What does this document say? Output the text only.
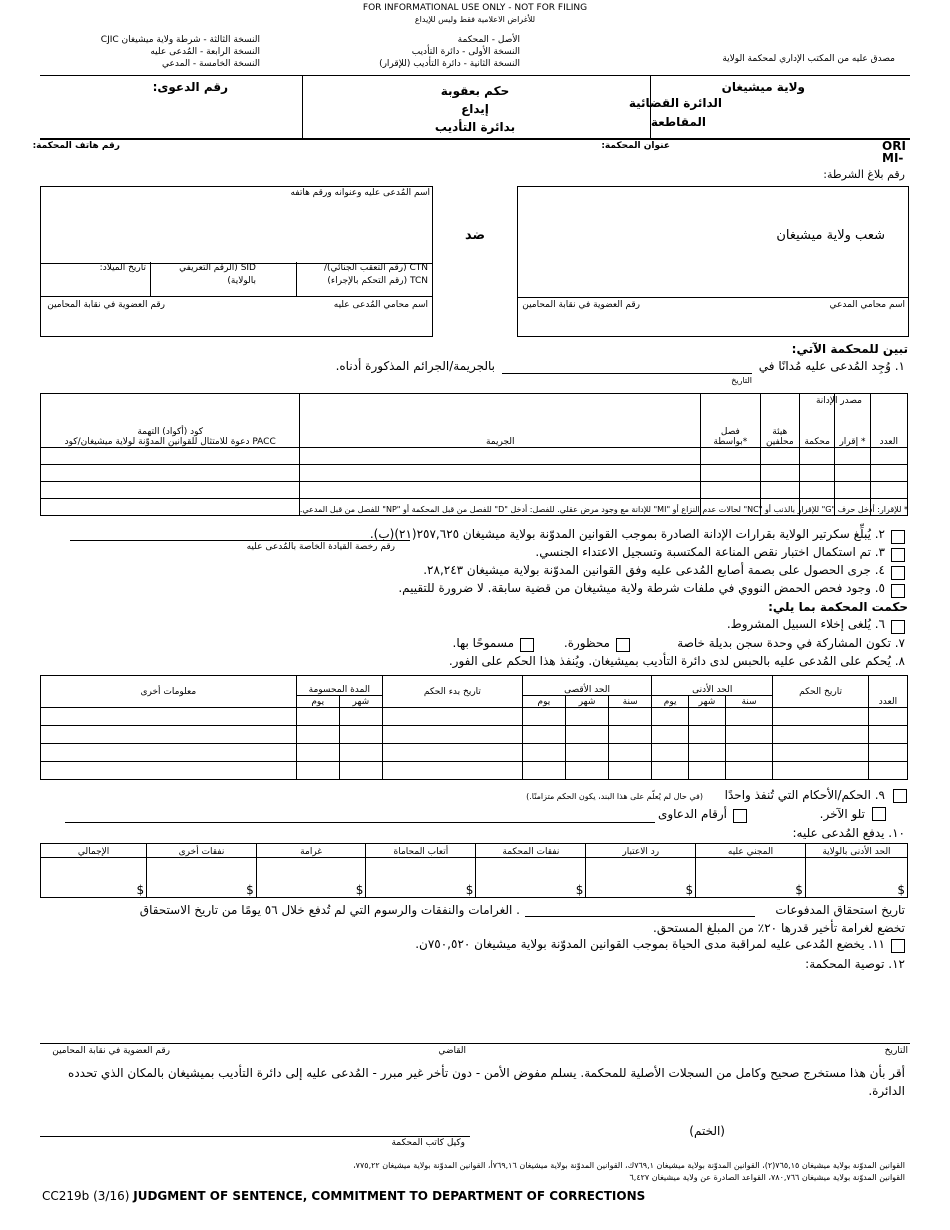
FOR INFORMATIONAL USE ONLY - NOT FOR FILING
للأغراض الاعلامية فقط وليس للإيداع
مصدق عليه من المكتب الإداري لمحكمة الولاية
الأصل - المحكمة
النسخة الأولى - دائرة التأديب
النسخة الثانية - دائرة التأديب (للإقرار)
النسخة الثالثة - شرطة ولاية ميشيغان CJIC
النسخة الرابعة - المُدعى عليه
النسخة الخامسة - المدعي
ولاية ميشيغان
الدائرة القضائية
المقاطعة
حكم بعقوبة
إيداع
بدائرة التأديب
رقم الدعوى:
ORI
MI-
عنوان المحكمة:
رقم هاتف المحكمة:
رقم بلاغ الشرطة:
شعب ولاية ميشيغان
اسم محامي المدعي
رقم العضوية في نقابة المحامين
ضد
اسم المُدعى عليه وعنوانه ورقم هاتفه
CTN (رقم التعقب الجنائي)/
TCN (رقم التحكم بالإجراء)
SID (الرقم التعريفي
بالولاية)
تاريخ الميلاد:
اسم محامي المُدعى عليه
رقم العضوية في نقابة المحامين
تبين للمحكمة الآتي:
١. وُجِد المُدعى عليه مُدانًا في
بالجريمة/الجرائم المذكورة أدناه.
التاريخ
كود (أكواد) التهمة
دعوة للامتثال للقوانين المدوّنة لولاية ميشيغان/كود PACC	الجريمة	فصل بواسطة*	هيئة محلفين	محكمة	إقرار *	العدد

مصدر الإدانة
* للإقرار: أدخل حرف "G" للإقرار بالذنب أو "NC" لحالات عدم النزاع أو "MI" للإدانة مع وجود مرض عقلي. للفصل: أدخل "D" للفصل من قبل المحكمة أو "NP" للفصل من قبل المدعي.
٢. يُبلِّغ سكرتير الولاية بقرارات الإدانة الصادرة بموجب القوانين المدوّنة بولاية ميشيغان ٢٥٧,٦٢٥(٢١)(ب).
رقم رخصة القيادة الخاصة بالمُدعى عليه	٣. تم استكمال اختبار نقص المناعة المكتسبة وتسجيل الاعتداء الجنسي.
٤. جرى الحصول على بصمة أصابع المُدعى عليه وفق القوانين المدوّنة بولاية ميشيغان ٢٨,٢٤٣.
٥. وجود فحص الحمض النووي في ملفات شرطة ولاية ميشيغان من قضية سابقة. لا ضرورة للتقييم.
حكمت المحكمة بما يلي:
٦. يُلغى إخلاء السبيل المشروط.
٧. تكون المشاركة في وحدة سجن بديلة خاصة
محظورة.
مسموحًا بها.
٨. يُحكم على المُدعى عليه بالحبس لدى دائرة التأديب بميشيغان. ويُنفذ هذا الحكم على الفور.
معلومات أخرى	المدة المحسومة		تاريخ بدء الحكم	الحد الأقصى			الحد الأدنى			تاريخ الحكم	العدد
	يوم	شهر		يوم	شهر	سنة	يوم	شهر	سنة		

٩. الحكم/الأحكام التي تُنفذ واحدًا
(في حال لم يُعلّم على هذا البند، يكون الحكم متزامنًا.)
تلو الآخر.
أرقام الدعاوى
١٠. يدفع المُدعى عليه:
الإجمالي	نفقات أخرى	غرامة	أتعاب المحاماة	نفقات المحكمة	رد الاعتبار	المجني عليه	الحد الأدنى بالولاية
$	$	$	$	$	$	$	$
تاريخ استحقاق المدفوعات
. الغرامات والنفقات والرسوم التي لم تُدفع خلال ٥٦ يومًا من تاريخ الاستحقاق
تخضع لغرامة تأخير قدرها ٢٠٪ من المبلغ المستحق.
١١. يخضع المُدعى عليه لمراقبة مدى الحياة بموجب القوانين المدوّنة بولاية ميشيغان ٧٥٠,٥٢٠ن.
١٢. توصية المحكمة:
التاريخ
القاضي
رقم العضوية في نقابة المحامين
أقر بأن هذا مستخرج صحيح وكامل من السجلات الأصلية للمحكمة. يسلم مفوض الأمن - دون تأخر غير مبرر - المُدعى عليه إلى دائرة التأديب بميشيغان بالمكان الذي تحدده الدائرة.
(الختم)
وكيل كاتب المحكمة
القوانين المدوّنة بولاية ميشيغان ٧٦٥,١٥(٢)، القوانين المدوّنة بولاية ميشيغان ٧٦٩,١ك، القوانين المدوّنة بولاية ميشيغان ٧٦٩,١٦أ، القوانين المدوّنة بولاية ميشيغان ٧٧٥,٢٢،
القوانين المدوّنة بولاية ميشيغان ٧٨٠,٧٦٦، القواعد الصادرة عن ولاية ميشيغان ٦,٤٢٧
CC219b (3/16) JUDGMENT OF SENTENCE, COMMITMENT TO DEPARTMENT OF CORRECTIONS
